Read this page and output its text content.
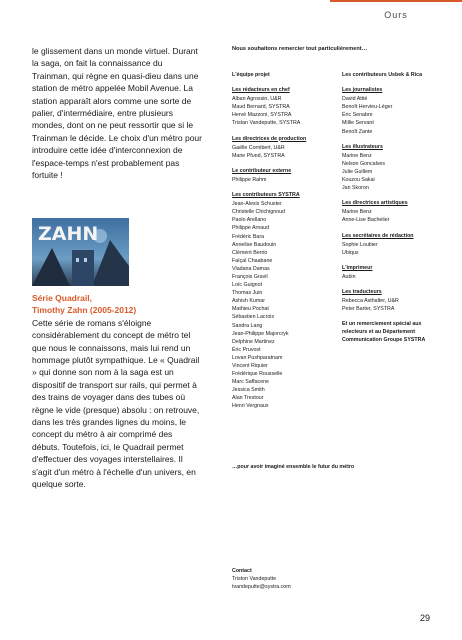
Ours

le glissement dans un monde virtuel. Durant la saga, on fait la connaissance du Trainman, qui règne en quasi-dieu dans une station de métro appelée Mobil Avenue. La station apparaît alors comme une sorte de palier, d'intermédiaire, entre plusieurs mondes, dont on ne peut ressortir que si le Trainman le décide. Le choix d'un métro pour introduire cette idée d'interconnexion de l'espace-temps n'est probablement pas fortuite !

ZAHN

Série Quadrail,

Timothy Zahn (2005-2012)

Cette série de romans s'éloigne considérablement du concept de métro tel que nous le connaissons, mais lui rend un hommage plutôt sympathique. Le « Quadrail » qui donne son nom à la saga est un dispositif de transport sur rails, qui permet à des trains de voyager dans des tubes où règne le vide (presque) absolu : on retrouve, dans les très grandes lignes du moins, le concept du métro à air comprimé des débuts. Toutefois, ici, le Quadrail permet d'effectuer des voyages interstellaires. Il s'agit d'un métro à l'échelle d'un univers, en quelque sorte.

Nous souhaitons remercier tout particulièrement…
L'équipe projet
Les rédacteurs en chef
Alban Agrossin, U&R
Maud Bernard, SYSTRA
Hervé Mazzoni, SYSTRA
Tristan Vandeputte, SYSTRA
Les directrices de production
Gaëlle Cornibert, U&R
Marie Pfund, SYSTRA
Le contributeur externe
Philippe Rahm
Les contributeurs SYSTRA
Jean-Alexis Schuster
Christelle Chichignoud
Paolo Arellano
Philippe Arnaud
Frédéric Bara
Annelise Baudouin
Clément Berrio
Faïçal Chaabane
Vladana Damas
François Gravil
Loïc Guignot
Thomas Juin
Ashish Kumar
Mathieu Pochat
Sébastien Lacroix
Sandra Lang
Jean-Philippe Majorcryk
Delphine Martinez
Éric Pruvost
Lovan Pushparatnam
Vincent Riquier
Frédérique Rousselle
Marc Saffacene
Jessica Smith
Alan Trestour
Henri Vergnaux
Les contributeurs Usbek & Rica
Les journalistes
David Attié
Benoît Hervieu-Léger
Éric Senabre
Millie Servant
Benoît Zante
Les illustrateurs
Marine Benz
Nelson Goncalves
Julie Guillem
Kouzou Sakai
Jan Skoron
Les directrices artistiques
Marine Benz
Anne-Lise Bachelier
Les secrétaires de rédaction
Sophie Loubier
Ubiqus
L'imprimeur
Aubin
Les traducteurs
Rebecca Asthalter, U&R
Peter Barter, SYSTRA
Et un remerciement spécial aux relecteurs et au Département Communication Groupe SYSTRA
…pour avoir imaginé ensemble le futur du métro
Contact
Triston Vandeputte
tvandeputte@systra.com
29
